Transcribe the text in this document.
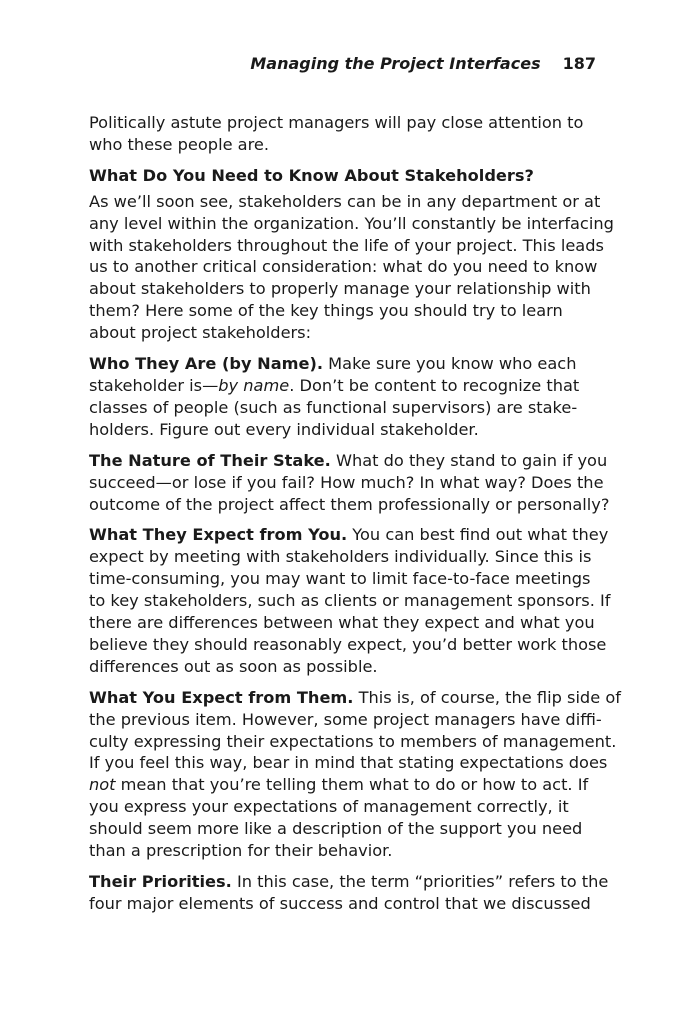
Managing the Project Interfaces 187

Politically astute project managers will pay close attention to
who these people are.

What Do You Need to Know About Stakeholders?

As we’ll soon see, stakeholders can be in any department or at
any level within the organization. You’ll constantly be interfacing
with stakeholders throughout the life of your project. This leads
us to another critical consideration: what do you need to know
about stakeholders to properly manage your relationship with
them? Here some of the key things you should try to learn
about project stakeholders:

Who They Are (by Name). Make sure you know who each
stakeholder is—by name. Don’t be content to recognize that
classes of people (such as functional supervisors) are stake-
holders. Figure out every individual stakeholder.

The Nature of Their Stake. What do they stand to gain if you
succeed—or lose if you fail? How much? In what way? Does the
outcome of the project affect them professionally or personally?

What They Expect from You. You can best find out what they
expect by meeting with stakeholders individually. Since this is
time-consuming, you may want to limit face-to-face meetings
to key stakeholders, such as clients or management sponsors. If
there are differences between what they expect and what you
believe they should reasonably expect, you’d better work those
differences out as soon as possible.

What You Expect from Them. This is, of course, the flip side of
the previous item. However, some project managers have diffi-
culty expressing their expectations to members of management.
If you feel this way, bear in mind that stating expectations does
not mean that you’re telling them what to do or how to act. If
you express your expectations of management correctly, it
should seem more like a description of the support you need
than a prescription for their behavior.

Their Priorities. In this case, the term “priorities” refers to the
four major elements of success and control that we discussed
